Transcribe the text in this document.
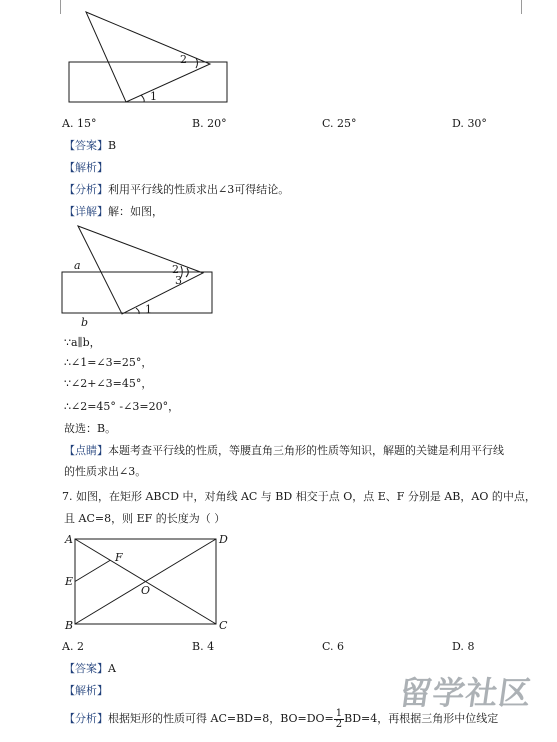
2
1
A. 15°	B. 20°	C. 25°	D. 30°
【答案】B
【解析】
【分析】利用平行线的性质求出∠3可得结论。
【详解】解：如图，
a
b
2
3
1
∵a∥b，
∴∠1=∠3=25°，
∵∠2+∠3=45°，
∴∠2=45° -∠3=20°，
故选：B。
【点睛】本题考查平行线的性质，等腰直角三角形的性质等知识，解题的关键是利用平行线
的性质求出∠3。
7. 如图，在矩形 ABCD 中，对角线 AC 与 BD 相交于点 O，点 E、F 分别是 AB，AO 的中点，
且 AC=8，则 EF 的长度为（ ）
A	D
F
E
O
B	C
A. 2	B. 4	C. 6	D. 8
【答案】A
【解析】
【分析】根据矩形的性质可得 AC=BD=8，$BO=DO= \frac{1}{2} BD=4$，再根据三角形中位线定
留学社区
